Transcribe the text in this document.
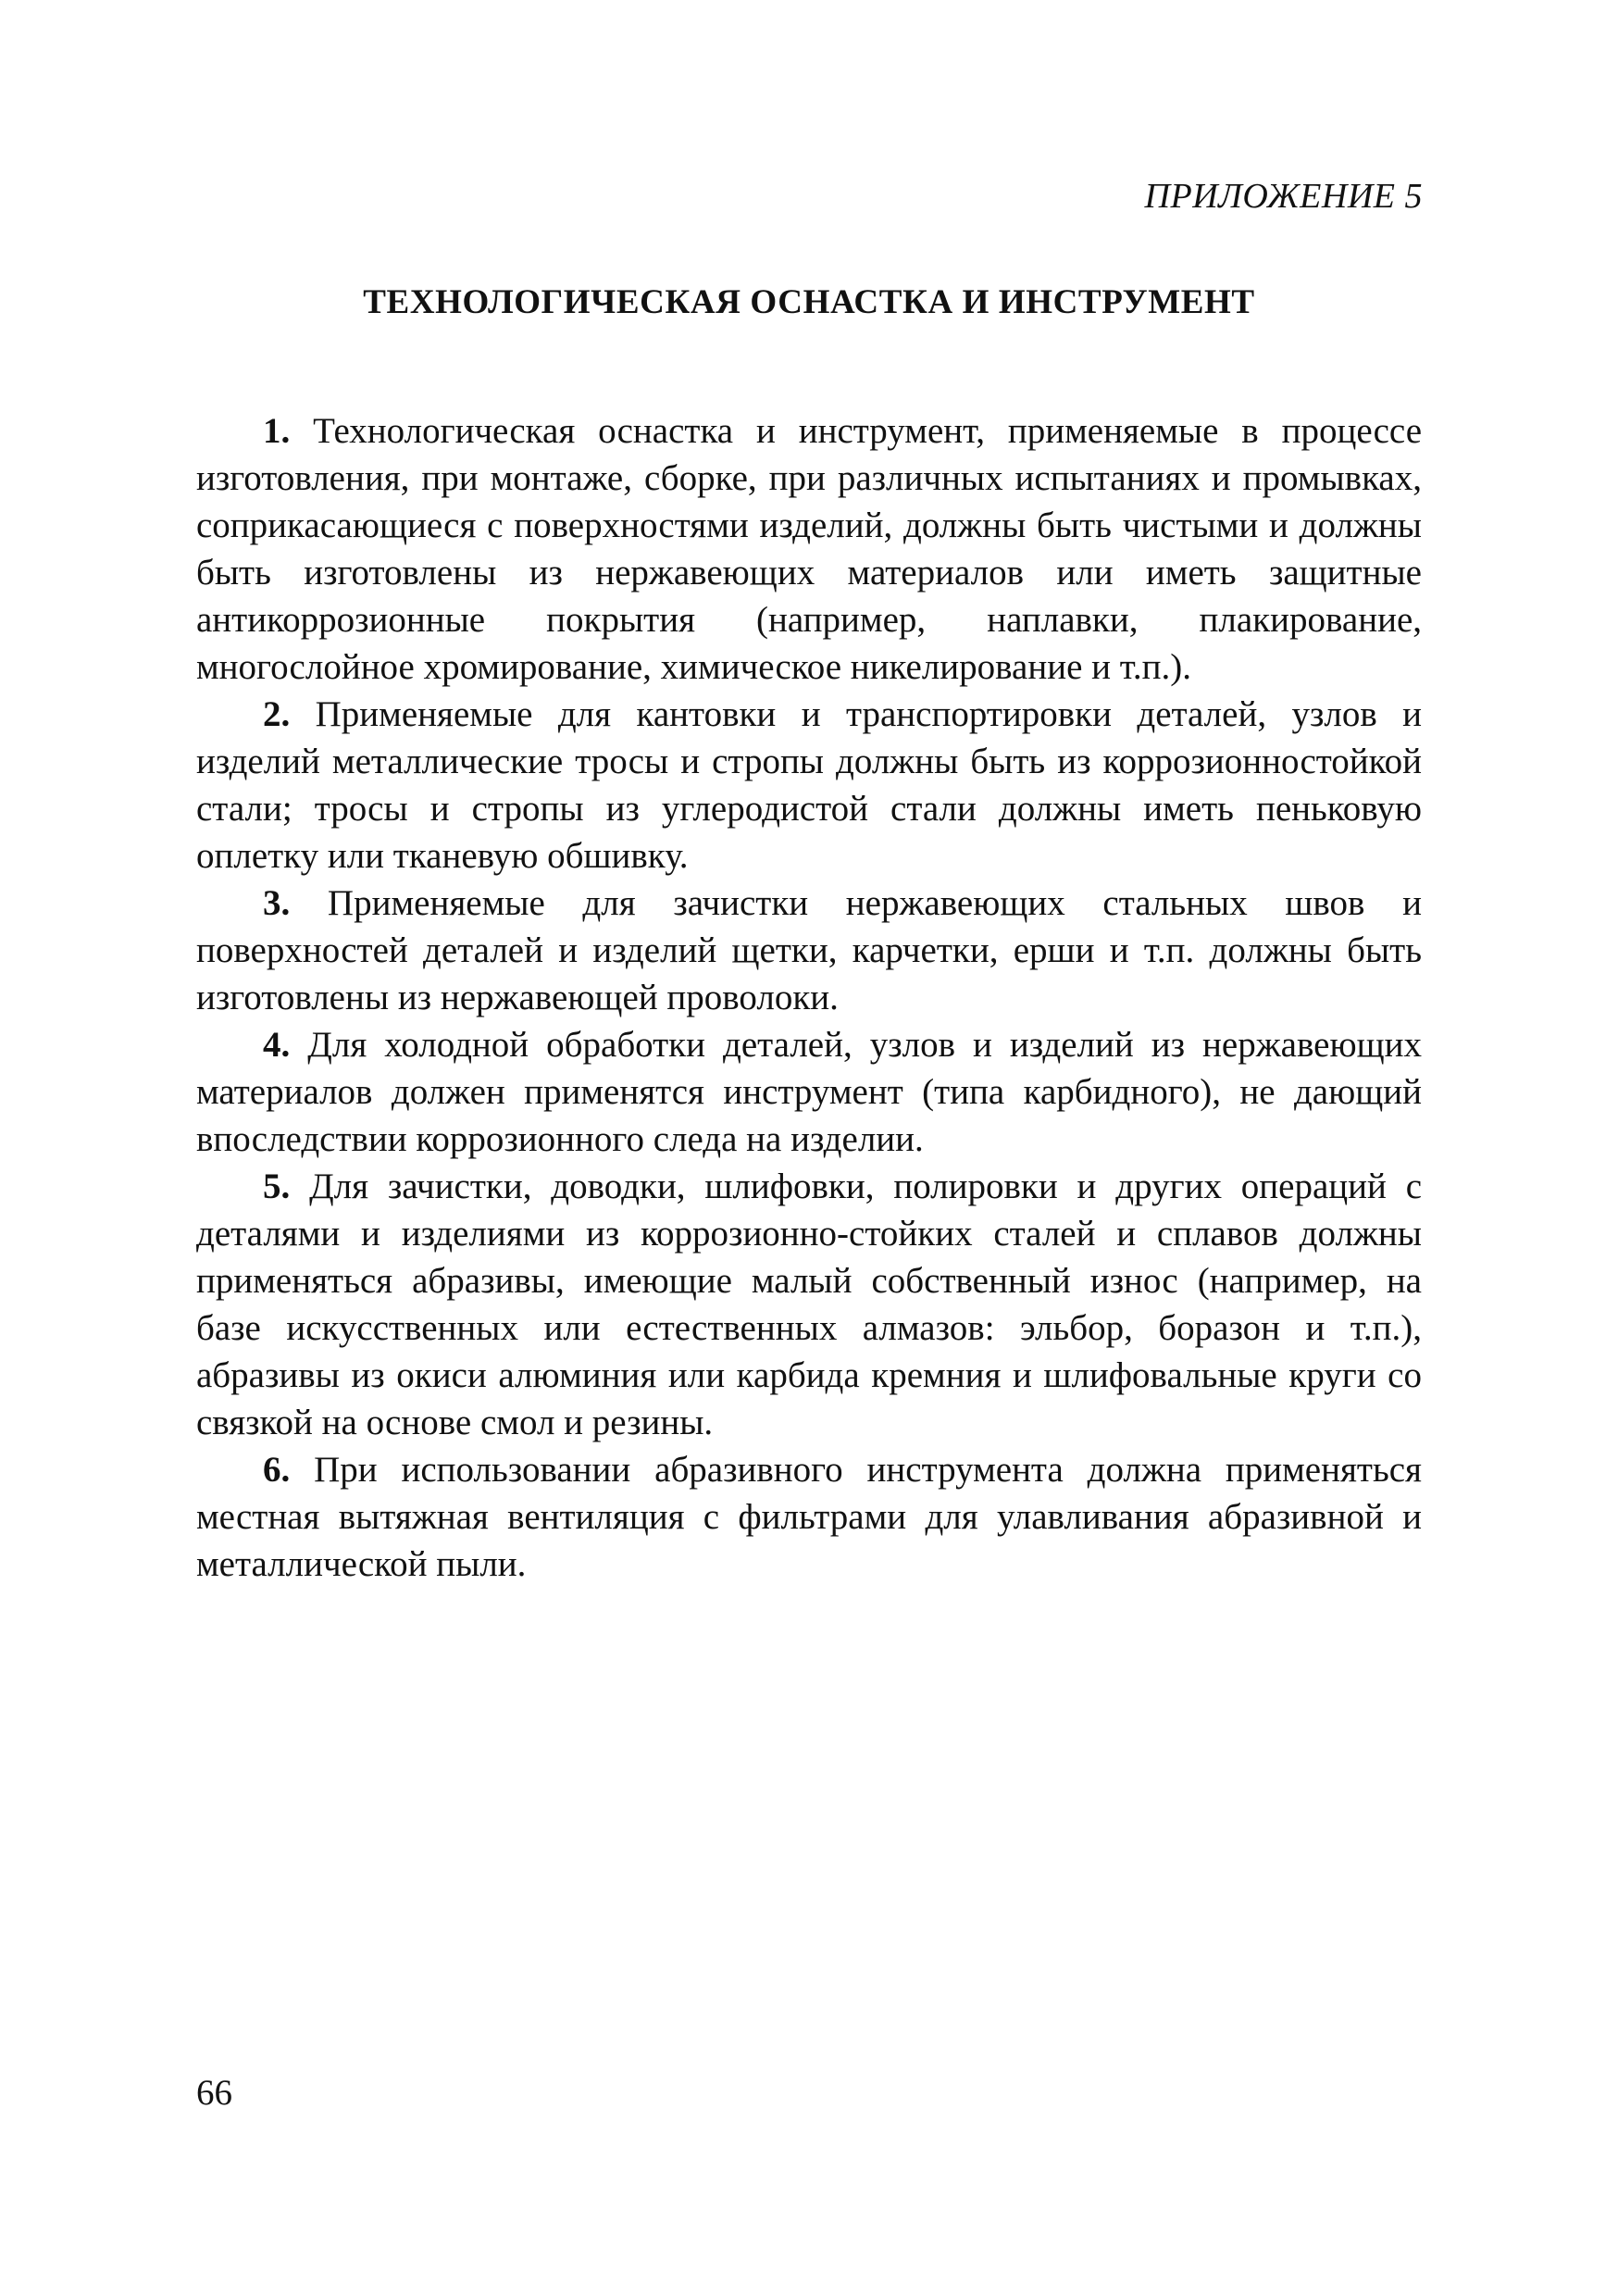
ПРИЛОЖЕНИЕ 5
ТЕХНОЛОГИЧЕСКАЯ ОСНАСТКА И ИНСТРУМЕНТ

1. Технологическая оснастка и инструмент, применяемые в процессе изготовления, при монтаже, сборке, при различных испытаниях и промывках, соприкасающиеся с поверхностями изделий, должны быть чистыми и должны быть изготовлены из нержавеющих материалов или иметь защитные антикоррозионные покрытия (например, наплавки, плакирование, многослойное хромирование, химическое никелирование и т.п.).

2. Применяемые для кантовки и транспортировки деталей, узлов и изделий металлические тросы и стропы должны быть из коррозионностойкой стали; тросы и стропы из углеродистой стали должны иметь пеньковую оплетку или тканевую обшивку.

3. Применяемые для зачистки нержавеющих стальных швов и поверхностей деталей и изделий щетки, карчетки, ерши и т.п. должны быть изготовлены из нержавеющей проволоки.

4. Для холодной обработки деталей, узлов и изделий из нержавеющих материалов должен применятся инструмент (типа карбидного), не дающий впоследствии коррозионного следа на изделии.

5. Для зачистки, доводки, шлифовки, полировки и других операций с деталями и изделиями из коррозионно-стойких сталей и сплавов должны применяться абразивы, имеющие малый собственный износ (например, на базе искусственных или естественных алмазов: эльбор, боразон и т.п.), абразивы из окиси алюминия или карбида кремния и шлифовальные круги со связкой на основе смол и резины.

6. При использовании абразивного инструмента должна применяться местная вытяжная вентиляция с фильтрами для улавливания абразивной и металлической пыли.

66
